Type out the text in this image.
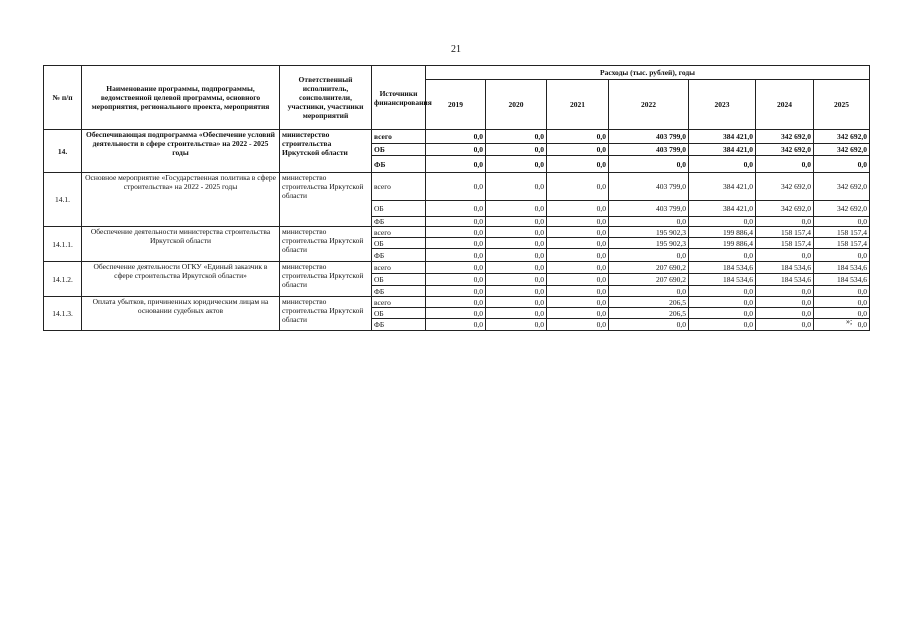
21
№ п/п	Наименование программы, подпрограммы, ведомственной целевой программы, основного мероприятия, регионального проекта, мероприятия	Ответственный исполнитель, соисполнители, участники, участники мероприятий	Источники финансирования	Расходы (тыс. рублей), годы						
				2019	2020	2021	2022	2023	2024	2025
14.	Обеспечивающая подпрограмма «Обеспечение условий деятельности в сфере строительства» на 2022 - 2025 годы	министерство строительства Иркутской области	всего	0,0	0,0	0,0	403 799,0	384 421,0	342 692,0	342 692,0
			ОБ	0,0	0,0	0,0	403 799,0	384 421,0	342 692,0	342 692,0
			ФБ	0,0	0,0	0,0	0,0	0,0	0,0	0,0
14.1.	Основное мероприятие «Государственная политика в сфере строительства» на 2022 - 2025 годы	министерство строительства Иркутской области	всего	0,0	0,0	0,0	403 799,0	384 421,0	342 692,0	342 692,0
			ОБ	0,0	0,0	0,0	403 799,0	384 421,0	342 692,0	342 692,0
			ФБ	0,0	0,0	0,0	0,0	0,0	0,0	0,0
14.1.1.	Обеспечение деятельности министерства строительства Иркутской области	министерство строительства Иркутской области	всего	0,0	0,0	0,0	195 902,3	199 886,4	158 157,4	158 157,4
			ОБ	0,0	0,0	0,0	195 902,3	199 886,4	158 157,4	158 157,4
			ФБ	0,0	0,0	0,0	0,0	0,0	0,0	0,0
14.1.2.	Обеспечение деятельности ОГКУ «Единый заказчик в сфере строительства Иркутской области»	министерство строительства Иркутской области	всего	0,0	0,0	0,0	207 690,2	184 534,6	184 534,6	184 534,6
			ОБ	0,0	0,0	0,0	207 690,2	184 534,6	184 534,6	184 534,6
			ФБ	0,0	0,0	0,0	0,0	0,0	0,0	0,0
14.1.3.	Оплата убытков, причиненных юридическим лицам на основании судебных актов	министерство строительства Иркутской области	всего	0,0	0,0	0,0	206,5	0,0	0,0	0,0
			ОБ	0,0	0,0	0,0	206,5	0,0	0,0	0,0
			ФБ	0,0	0,0	0,0	0,0	0,0	0,0	0,0
»;
